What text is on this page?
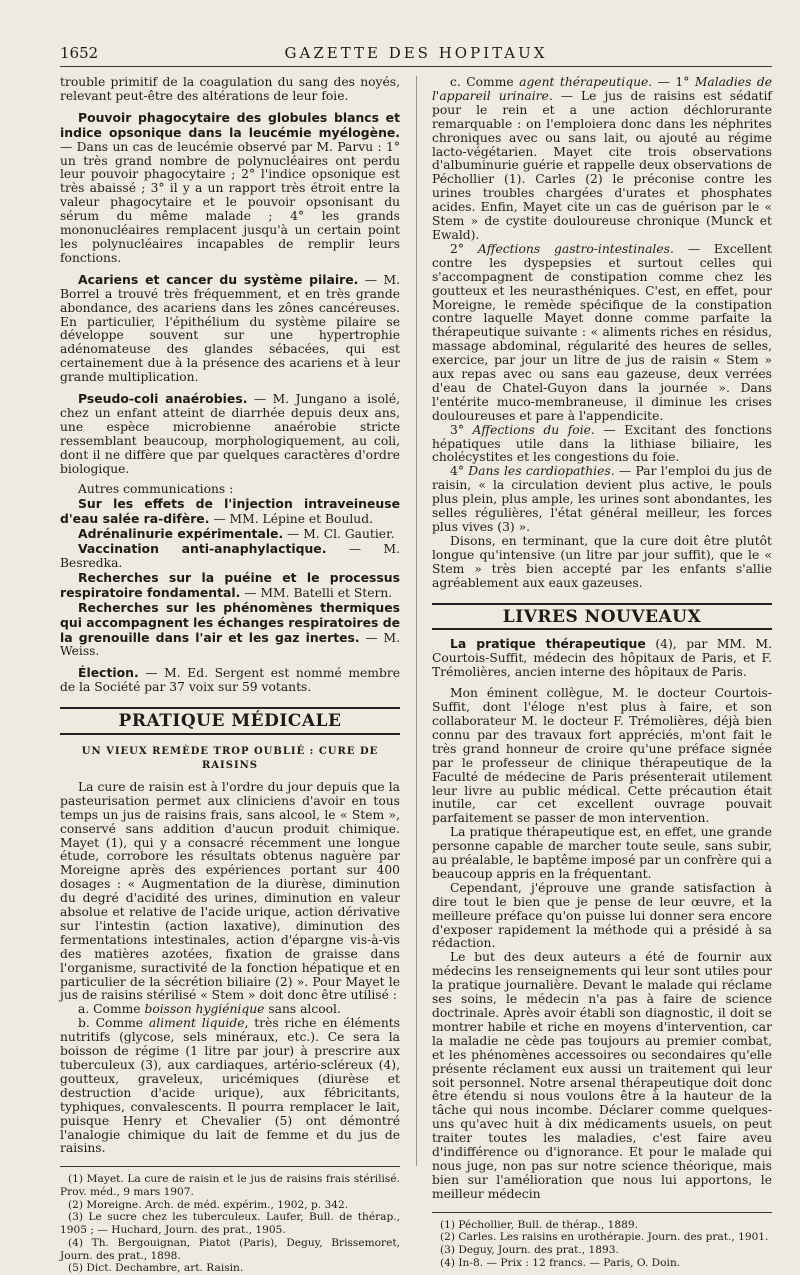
1652	GAZETTE DES HOPITAUX

trouble primitif de la coagulation du sang des noyés, relevant peut-être des altérations de leur foie.

Pouvoir phagocytaire des globules blancs et indice opsonique dans la leucémie myélogène. — Dans un cas de leucémie observé par M. Parvu : 1° un très grand nombre de polynucléaires ont perdu leur pouvoir phagocytaire ; 2° l'indice opsonique est très abaissé ; 3° il y a un rapport très étroit entre la valeur phagocytaire et le pouvoir opsonisant du sérum du même malade ; 4° les grands mononucléaires remplacent jusqu'à un certain point les polynucléaires incapables de remplir leurs fonctions.

Acariens et cancer du système pilaire. — M. Borrel a trouvé très fréquemment, et en très grande abondance, des acariens dans les zônes cancéreuses. En particulier, l'épithélium du système pilaire se développe souvent sur une hypertrophie adénomateuse des glandes sébacées, qui est certainement due à la présence des acariens et à leur grande multiplication.

Pseudo-coli anaérobies. — M. Jungano a isolé, chez un enfant atteint de diarrhée depuis deux ans, une espèce microbienne anaérobie stricte ressemblant beaucoup, morphologiquement, au coli, dont il ne diffère que par quelques caractères d'ordre biologique.

Autres communications :

Sur les effets de l'injection intraveineuse d'eau salée ra-difère. — MM. Lépine et Boulud.

Adrénalinurie expérimentale. — M. Cl. Gautier.

Vaccination anti-anaphylactique. — M. Besredka.

Recherches sur la puéine et le processus respiratoire fondamental. — MM. Batelli et Stern.

Recherches sur les phénomènes thermiques qui accompagnent les échanges respiratoires de la grenouille dans l'air et les gaz inertes. — M. Weiss.

Élection. — M. Ed. Sergent est nommé membre de la Société par 37 voix sur 59 votants.

PRATIQUE MÉDICALE
UN VIEUX REMÈDE TROP OUBLIÉ : CURE DE RAISINS

La cure de raisin est à l'ordre du jour depuis que la pasteurisation permet aux cliniciens d'avoir en tous temps un jus de raisins frais, sans alcool, le « Stem », conservé sans addition d'aucun produit chimique. Mayet (1), qui y a consacré récemment une longue étude, corrobore les résultats obtenus naguère par Moreigne après des expériences portant sur 400 dosages : « Augmentation de la diurèse, diminution du degré d'acidité des urines, diminution en valeur absolue et relative de l'acide urique, action dérivative sur l'intestin (action laxative), diminution des fermentations intestinales, action d'épargne vis-à-vis des matières azotées, fixation de graisse dans l'organisme, suractivité de la fonction hépatique et en particulier de la sécrétion biliaire (2) ». Pour Mayet le jus de raisins stérilisé « Stem » doit donc être utilisé :

a. Comme boisson hygiénique sans alcool.

b. Comme aliment liquide, très riche en éléments nutritifs (glycose, sels minéraux, etc.). Ce sera la boisson de régime (1 litre par jour) à prescrire aux tuberculeux (3), aux cardiaques, artério-scléreux (4), goutteux, graveleux, uricémiques (diurèse et destruction d'acide urique), aux fébricitants, typhiques, convalescents. Il pourra remplacer le lait, puisque Henry et Chevalier (5) ont démontré l'analogie chimique du lait de femme et du jus de raisins.

(1) Mayet. La cure de raisin et le jus de raisins frais stérilisé. Prov. méd., 9 mars 1907.

(2) Moreigne. Arch. de méd. expérim., 1902, p. 342.

(3) Le sucre chez les tuberculeux. Laufer, Bull. de thérap., 1905 ; — Huchard, Journ. des prat., 1905.

(4) Th. Bergouignan, Piatot (Paris), Deguy, Brissemoret, Journ. des prat., 1898.

(5) Dict. Dechambre, art. Raisin.

c. Comme agent thérapeutique. — 1° Maladies de l'appareil urinaire. — Le jus de raisins est sédatif pour le rein et a une action déchlorurante remarquable : on l'emploiera donc dans les néphrites chroniques avec ou sans lait, ou ajouté au régime lacto-végétarien. Mayet cite trois observations d'albuminurie guérie et rappelle deux observations de Péchollier (1). Carles (2) le préconise contre les urines troubles chargées d'urates et phosphates acides. Enfin, Mayet cite un cas de guérison par le « Stem » de cystite douloureuse chronique (Munck et Ewald).

2° Affections gastro-intestinales. — Excellent contre les dyspepsies et surtout celles qui s'accompagnent de constipation comme chez les goutteux et les neurasthéniques. C'est, en effet, pour Moreigne, le remède spécifique de la constipation contre laquelle Mayet donne comme parfaite la thérapeutique suivante : « aliments riches en résidus, massage abdominal, régularité des heures de selles, exercice, par jour un litre de jus de raisin « Stem » aux repas avec ou sans eau gazeuse, deux verrées d'eau de Chatel-Guyon dans la journée ». Dans l'entérite muco-membraneuse, il diminue les crises douloureuses et pare à l'appendicite.

3° Affections du foie. — Excitant des fonctions hépatiques utile dans la lithiase biliaire, les cholécystites et les congestions du foie.

4° Dans les cardiopathies. — Par l'emploi du jus de raisin, « la circulation devient plus active, le pouls plus plein, plus ample, les urines sont abondantes, les selles régulières, l'état général meilleur, les forces plus vives (3) ».

Disons, en terminant, que la cure doit être plutôt longue qu'intensive (un litre par jour suffit), que le « Stem » très bien accepté par les enfants s'allie agréablement aux eaux gazeuses.

LIVRES NOUVEAUX

La pratique thérapeutique (4), par MM. M. Courtois-Suffit, médecin des hôpitaux de Paris, et F. Trémolières, ancien interne des hôpitaux de Paris.

Mon éminent collègue, M. le docteur Courtois-Suffit, dont l'éloge n'est plus à faire, et son collaborateur M. le docteur F. Trémolières, déjà bien connu par des travaux fort appréciés, m'ont fait le très grand honneur de croire qu'une préface signée par le professeur de clinique thérapeutique de la Faculté de médecine de Paris présenterait utilement leur livre au public médical. Cette précaution était inutile, car cet excellent ouvrage pouvait parfaitement se passer de mon intervention.

La pratique thérapeutique est, en effet, une grande personne capable de marcher toute seule, sans subir, au préalable, le baptême imposé par un confrère qui a beaucoup appris en la fréquentant.

Cependant, j'éprouve une grande satisfaction à dire tout le bien que je pense de leur œuvre, et la meilleure préface qu'on puisse lui donner sera encore d'exposer rapidement la méthode qui a présidé à sa rédaction.

Le but des deux auteurs a été de fournir aux médecins les renseignements qui leur sont utiles pour la pratique journalière. Devant le malade qui réclame ses soins, le médecin n'a pas à faire de science doctrinale. Après avoir établi son diagnostic, il doit se montrer habile et riche en moyens d'intervention, car la maladie ne cède pas toujours au premier combat, et les phénomènes accessoires ou secondaires qu'elle présente réclament eux aussi un traitement qui leur soit personnel. Notre arsenal thérapeutique doit donc être étendu si nous voulons être à la hauteur de la tâche qui nous incombe. Déclarer comme quelques-uns qu'avec huit à dix médicaments usuels, on peut traiter toutes les maladies, c'est faire aveu d'indifférence ou d'ignorance. Et pour le malade qui nous juge, non pas sur notre science théorique, mais bien sur l'amélioration que nous lui apportons, le meilleur médecin

(1) Péchollier, Bull. de thérap., 1889.

(2) Carles. Les raisins en urothérapie. Journ. des prat., 1901.

(3) Deguy, Journ. des prat., 1893.

(4) In-8. — Prix : 12 francs. — Paris, O. Doin.
